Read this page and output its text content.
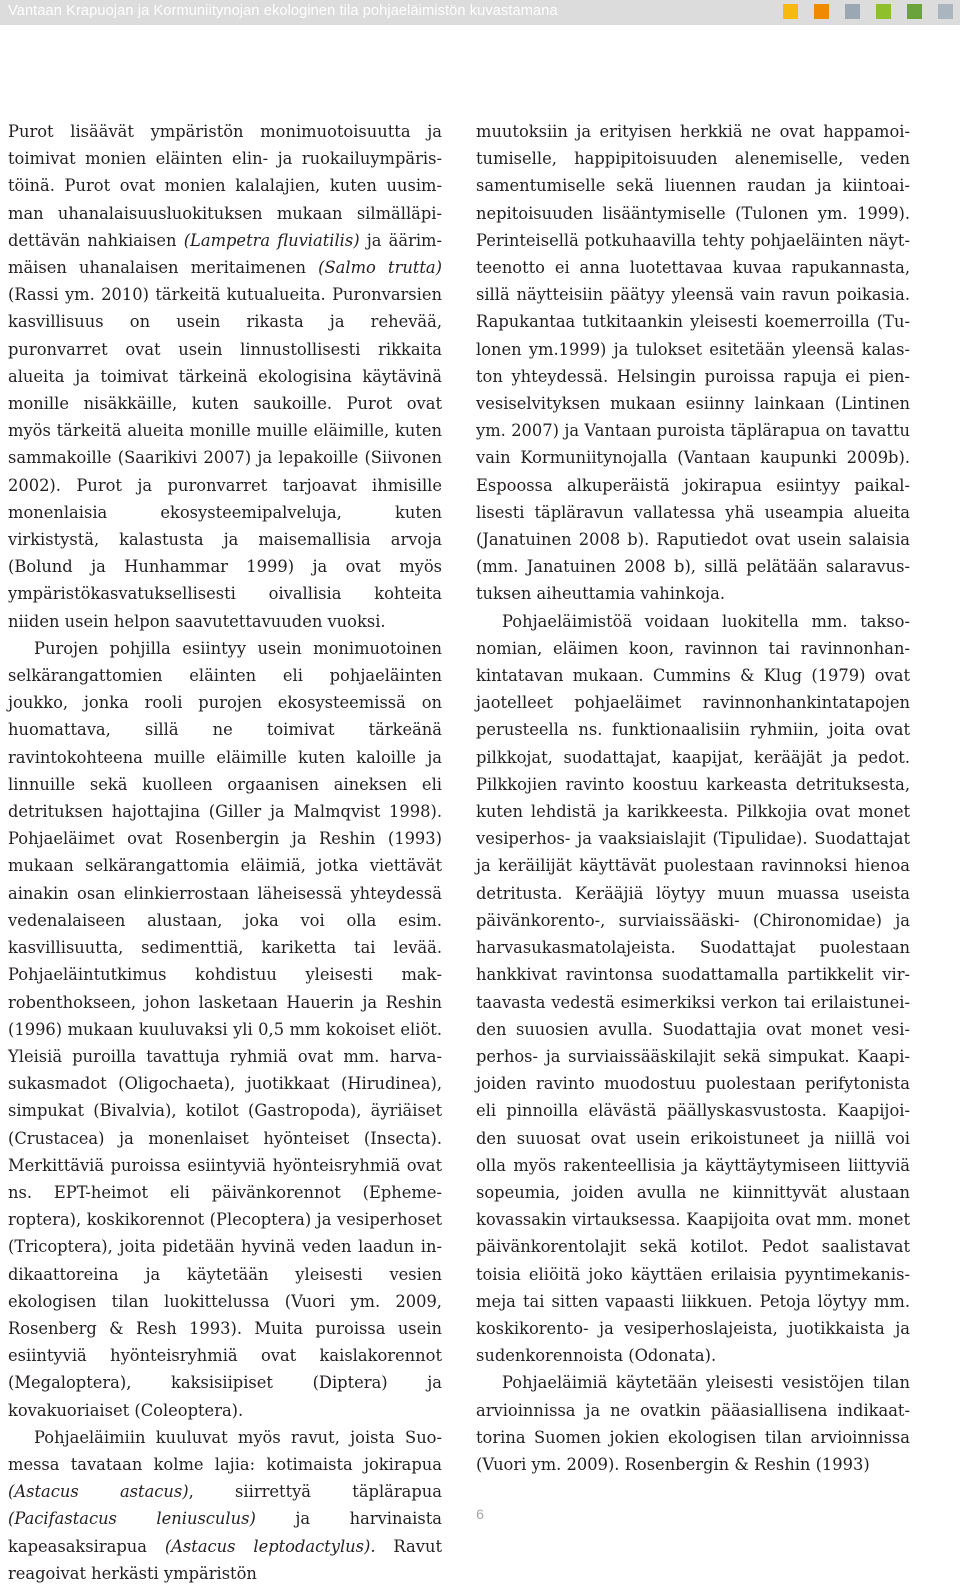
Vantaan Krapuojan ja Kormuniitynojan ekologinen tila pohjaeläimistön kuvastamana

Purot lisäävät ympäristön monimuotoisuutta ja toimivat monien eläinten elin- ja ruokailuympäristöinä. Purot ovat monien kalalajien, kuten uusimman uhanalaisuusluokituksen mukaan silmälläpidettävän nahkiaisen (Lampetra fluviatilis) ja äärimmäisen uhanalaisen meritaimenen (Salmo trutta) (Rassi ym. 2010) tärkeitä kutualueita. Puronvarsien kasvillisuus on usein rikasta ja rehevää, puronvarret ovat usein linnustollisesti rikkaita alueita ja toimivat tärkeinä ekologisina käytävinä monille nisäkkäille, kuten saukoille. Purot ovat myös tärkeitä alueita monille muille eläimille, kuten sammakoille (Saarikivi 2007) ja lepakoille (Siivonen 2002). Purot ja puronvarret tarjoavat ihmisille monenlaisia ekosysteemipalveluja, kuten virkistystä, kalastusta ja maisemallisia arvoja (Bolund ja Hunhammar 1999) ja ovat myös ympäristökasvatuksellisesti oivallisia kohteita niiden usein helpon saavutettavuuden vuoksi.

Purojen pohjilla esiintyy usein monimuotoinen selkärangattomien eläinten eli pohjaeläinten joukko, jonka rooli purojen ekosysteemissä on huomattava, sillä ne toimivat tärkeänä ravintokohteena muille eläimille kuten kaloille ja linnuille sekä kuolleen orgaanisen aineksen eli detrituksen hajottajina (Giller ja Malmqvist 1998). Pohjaeläimet ovat Rosenbergin ja Reshin (1993) mukaan selkärangattomia eläimiä, jotka viettävät ainakin osan elinkierrostaan läheisessä yhteydessä vedenalaiseen alustaan, joka voi olla esim. kasvillisuutta, sedimenttiä, kariketta tai levää. Pohjaeläintutkimus kohdistuu yleisesti makrobenthokseen, johon lasketaan Hauerin ja Reshin (1996) mukaan kuuluvaksi yli 0,5 mm kokoiset eliöt. Yleisiä puroilla tavattuja ryhmiä ovat mm. harvasukasmadot (Oligochaeta), juotikkaat (Hirudinea), simpukat (Bivalvia), kotilot (Gastropoda), äyriäiset (Crustacea) ja monenlaiset hyönteiset (Insecta). Merkittäviä puroissa esiintyviä hyönteisryhmiä ovat ns. EPT-heimot eli päivänkorennot (Ephemeroptera), koskikorennot (Plecoptera) ja vesiperhoset (Tricoptera), joita pidetään hyvinä veden laadun indikaattoreina ja käytetään yleisesti vesien ekologisen tilan luokittelussa (Vuori ym. 2009, Rosenberg & Resh 1993). Muita puroissa usein esiintyviä hyönteisryhmiä ovat kaislakorennot (Megaloptera), kaksisiipiset (Diptera) ja kovakuoriaiset (Coleoptera).

Pohjaeläimiin kuuluvat myös ravut, joista Suomessa tavataan kolme lajia: kotimaista jokirapua (Astacus astacus), siirrettyä täplärapua (Pacifastacus leniusculus) ja harvinaista kapeasaksirapua (Astacus leptodactylus). Ravut reagoivat herkästi ympäristön

muutoksiin ja erityisen herkkiä ne ovat happamoitumiselle, happipitoisuuden alenemiselle, veden samentumiselle sekä liuennen raudan ja kiintoainepitoisuuden lisääntymiselle (Tulonen ym. 1999). Perinteisellä potkuhaavilla tehty pohjaeläinten näytteenotto ei anna luotettavaa kuvaa rapukannasta, sillä näytteisiin päätyy yleensä vain ravun poikasia. Rapukantaa tutkitaankin yleisesti koemerroilla (Tulonen ym.1999) ja tulokset esitetään yleensä kalaston yhteydessä. Helsingin puroissa rapuja ei pienvesiselvityksen mukaan esiinny lainkaan (Lintinen ym. 2007) ja Vantaan puroista täplärapua on tavattu vain Kormuniitynojalla (Vantaan kaupunki 2009b). Espoossa alkuperäistä jokirapua esiintyy paikallisesti täpläravun vallatessa yhä useampia alueita (Janatuinen 2008 b). Raputiedot ovat usein salaisia (mm. Janatuinen 2008 b), sillä pelätään salaravustuksen aiheuttamia vahinkoja.

Pohjaeläimistöä voidaan luokitella mm. taksonomian, eläimen koon, ravinnon tai ravinnonhankintatavan mukaan. Cummins & Klug (1979) ovat jaotelleet pohjaeläimet ravinnonhankintatapojen perusteella ns. funktionaalisiin ryhmiin, joita ovat pilkkojat, suodattajat, kaapijat, kerääjät ja pedot. Pilkkojien ravinto koostuu karkeasta detrituksesta, kuten lehdistä ja karikkeesta. Pilkkojia ovat monet vesiperhos- ja vaaksiaislajit (Tipulidae). Suodattajat ja keräilijät käyttävät puolestaan ravinnoksi hienoa detritusta. Kerääjiä löytyy muun muassa useista päivänkorento-, surviaissääski- (Chironomidae) ja harvasukasmatolajeista. Suodattajat puolestaan hankkivat ravintonsa suodattamalla partikkelit virtaavasta vedestä esimerkiksi verkon tai erilaistuneiden suuosien avulla. Suodattajia ovat monet vesiperhos- ja surviaissääskilajit sekä simpukat. Kaapijoiden ravinto muodostuu puolestaan perifytonista eli pinnoilla elävästä päällyskasvustosta. Kaapijoiden suuosat ovat usein erikoistuneet ja niillä voi olla myös rakenteellisia ja käyttäytymiseen liittyviä sopeumia, joiden avulla ne kiinnittyvät alustaan kovassakin virtauksessa. Kaapijoita ovat mm. monet päivänkorentolajit sekä kotilot. Pedot saalistavat toisia eliöitä joko käyttäen erilaisia pyyntimekanismeja tai sitten vapaasti liikkuen. Petoja löytyy mm. koskikorento- ja vesiperhoslajeista, juotikkaista ja sudenkorennoista (Odonata).

Pohjaeläimiä käytetään yleisesti vesistöjen tilan arvioinnissa ja ne ovatkin pääasiallisena indikaattorina Suomen jokien ekologisen tilan arvioinnissa (Vuori ym. 2009). Rosenbergin & Reshin (1993)

6
